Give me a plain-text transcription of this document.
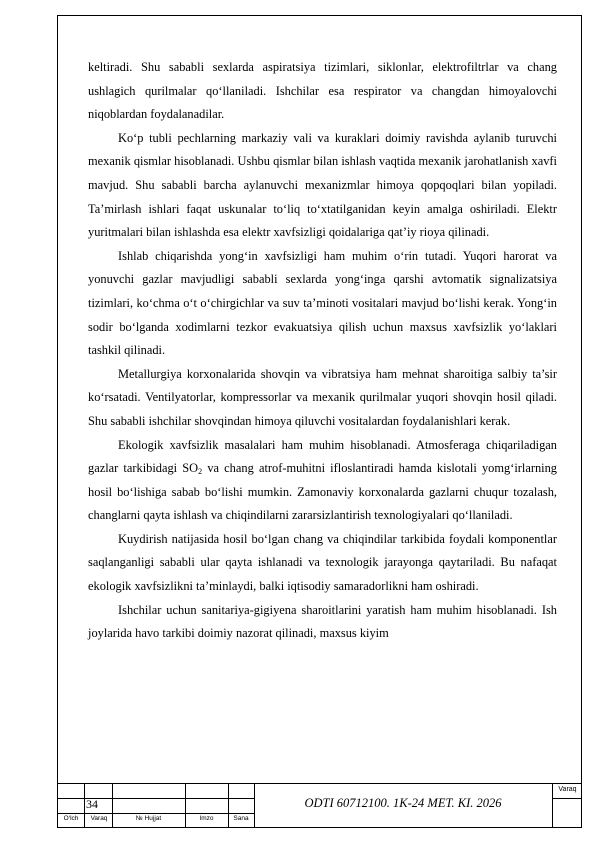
keltiradi. Shu sababli sexlarda aspiratsiya tizimlari, siklonlar, elektrofiltrlar va chang ushlagich qurilmalar qo‘llaniladi. Ishchilar esa respirator va changdan himoyalovchi niqoblardan foydalanadilar.

Ko‘p tubli pechlarning markaziy vali va kuraklari doimiy ravishda aylanib turuvchi mexanik qismlar hisoblanadi. Ushbu qismlar bilan ishlash vaqtida mexanik jarohatlanish xavfi mavjud. Shu sababli barcha aylanuvchi mexanizmlar himoya qopqoqlari bilan yopiladi. Ta’mirlash ishlari faqat uskunalar to‘liq to‘xtatilganidan keyin amalga oshiriladi. Elektr yuritmalari bilan ishlashda esa elektr xavfsizligi qoidalariga qat’iy rioya qilinadi.

Ishlab chiqarishda yong‘in xavfsizligi ham muhim o‘rin tutadi. Yuqori harorat va yonuvchi gazlar mavjudligi sababli sexlarda yong‘inga qarshi avtomatik signalizatsiya tizimlari, ko‘chma o‘t o‘chirgichlar va suv ta’minoti vositalari mavjud bo‘lishi kerak. Yong‘in sodir bo‘lganda xodimlarni tezkor evakuatsiya qilish uchun maxsus xavfsizlik yo‘laklari tashkil qilinadi.

Metallurgiya korxonalarida shovqin va vibratsiya ham mehnat sharoitiga salbiy ta’sir ko‘rsatadi. Ventilyatorlar, kompressorlar va mexanik qurilmalar yuqori shovqin hosil qiladi. Shu sababli ishchilar shovqindan himoya qiluvchi vositalardan foydalanishlari kerak.

Ekologik xavfsizlik masalalari ham muhim hisoblanadi. Atmosferaga chiqariladigan gazlar tarkibidagi $SO_2$ va chang atrof-muhitni ifloslantiradi hamda kislotali yomg‘irlarning hosil bo‘lishiga sabab bo‘lishi mumkin. Zamonaviy korxonalarda gazlarni chuqur tozalash, changlarni qayta ishlash va chiqindilarni zararsizlantirish texnologiyalari qo‘llaniladi.

Kuydirish natijasida hosil bo‘lgan chang va chiqindilar tarkibida foydali komponentlar saqlanganligi sababli ular qayta ishlanadi va texnologik jarayonga qaytariladi. Bu nafaqat ekologik xavfsizlikni ta’minlaydi, balki iqtisodiy samaradorlikni ham oshiradi.

Ishchilar uchun sanitariya-gigiyena sharoitlarini yaratish ham muhim hisoblanadi. Ish joylarida havo tarkibi doimiy nazorat qilinadi, maxsus kiyim

O‘lch	Varaq	№ Hujjat	Imzo	Sana
34	ODTI 60712100. 1K-24 MET. KI. 2026
Varaq
